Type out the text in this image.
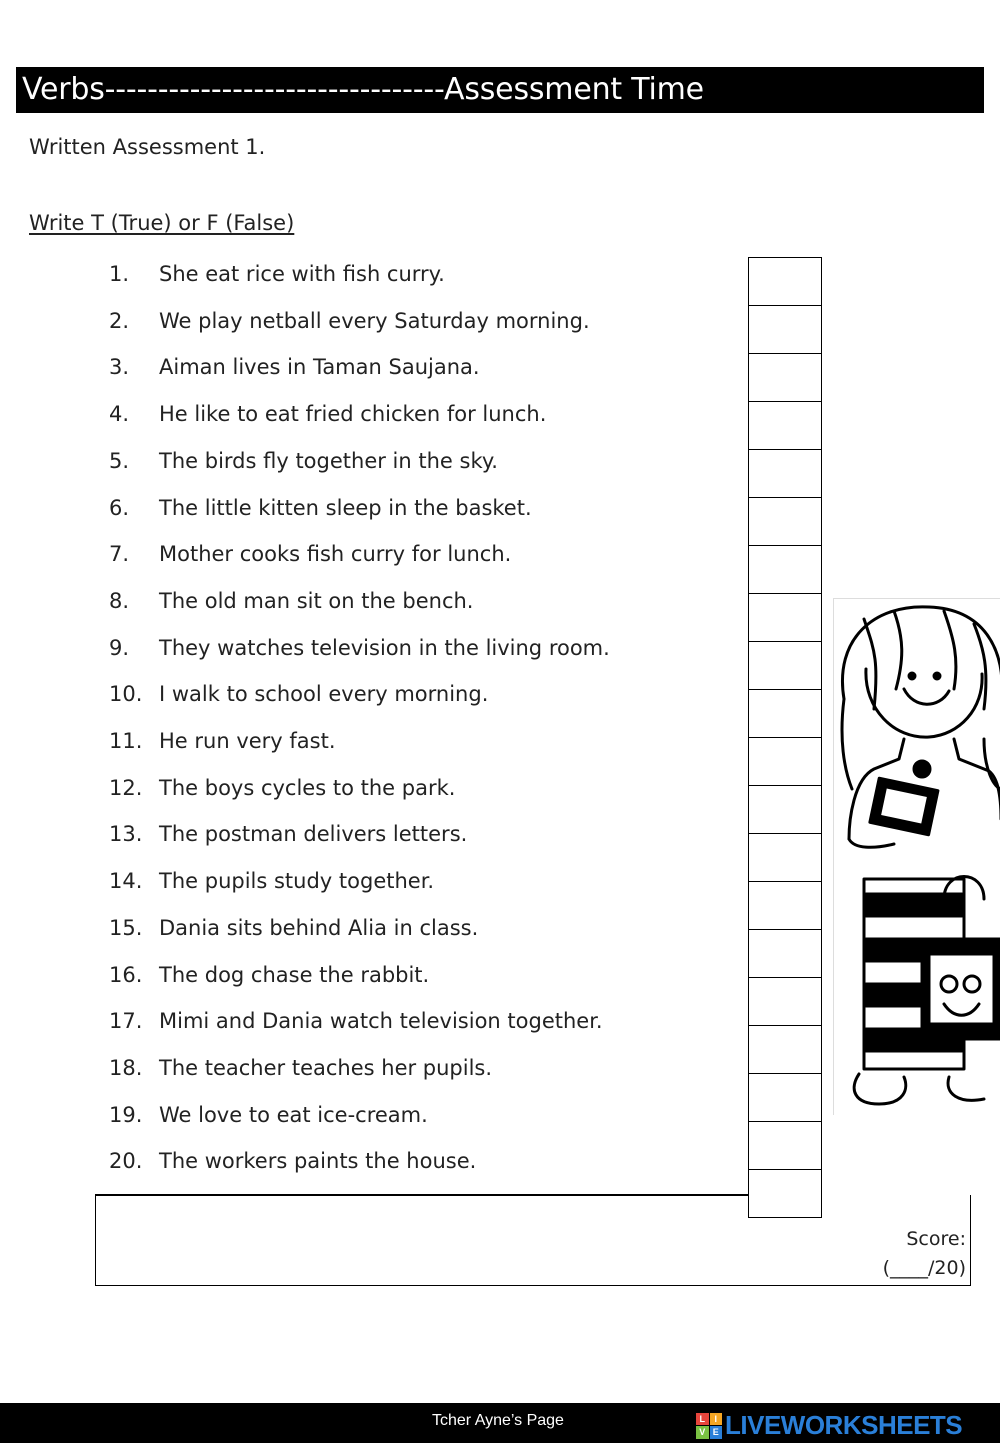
Verbs--------------------------------Assessment Time
Written Assessment 1.
Write T (True) or F (False)
1.	She eat rice with fish curry.
2.	We play netball every Saturday morning.
3.	Aiman lives in Taman Saujana.
4.	He like to eat fried chicken for lunch.
5.	The birds fly together in the sky.
6.	The little kitten sleep in the basket.
7.	Mother cooks fish curry for lunch.
8.	The old man sit on the bench.
9.	They watches television in the living room.
10. I walk to school every morning.
11. He run very fast.
12. The boys cycles to the park.
13. The postman delivers letters.
14. The pupils study together.
15. Dania sits behind Alia in class.
16. The dog chase the rabbit.
17. Mimi and Dania watch television together.
18. The teacher teaches her pupils.
19. We love to eat ice-cream.
20. The workers paints the house.
Score:
(____/20)
Tcher Ayne’s Page	L	I
V E LIVEWORKSHEETS
